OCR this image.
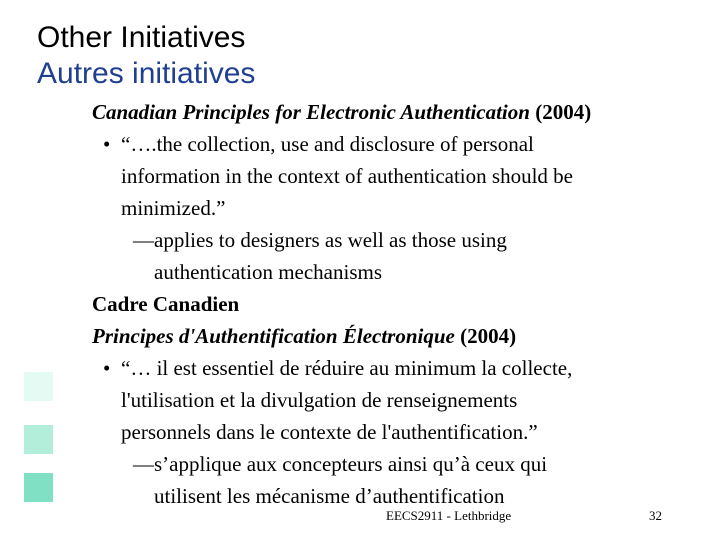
Other Initiatives
Autres initiatives
Canadian Principles for Electronic Authentication (2004)
• “….the collection, use and disclosure of personal
information in the context of authentication should be
minimized.”
—applies to designers as well as those using
authentication mechanisms
Cadre Canadien
Principes d'Authentification Électronique (2004)
• “… il est essentiel de réduire au minimum la collecte,
l'utilisation et la divulgation de renseignements
personnels dans le contexte de l'authentification.”
—s’applique aux concepteurs ainsi qu’à ceux qui
utilisent les mécanisme d’authentification
EECS2911 - Lethbridge	32
